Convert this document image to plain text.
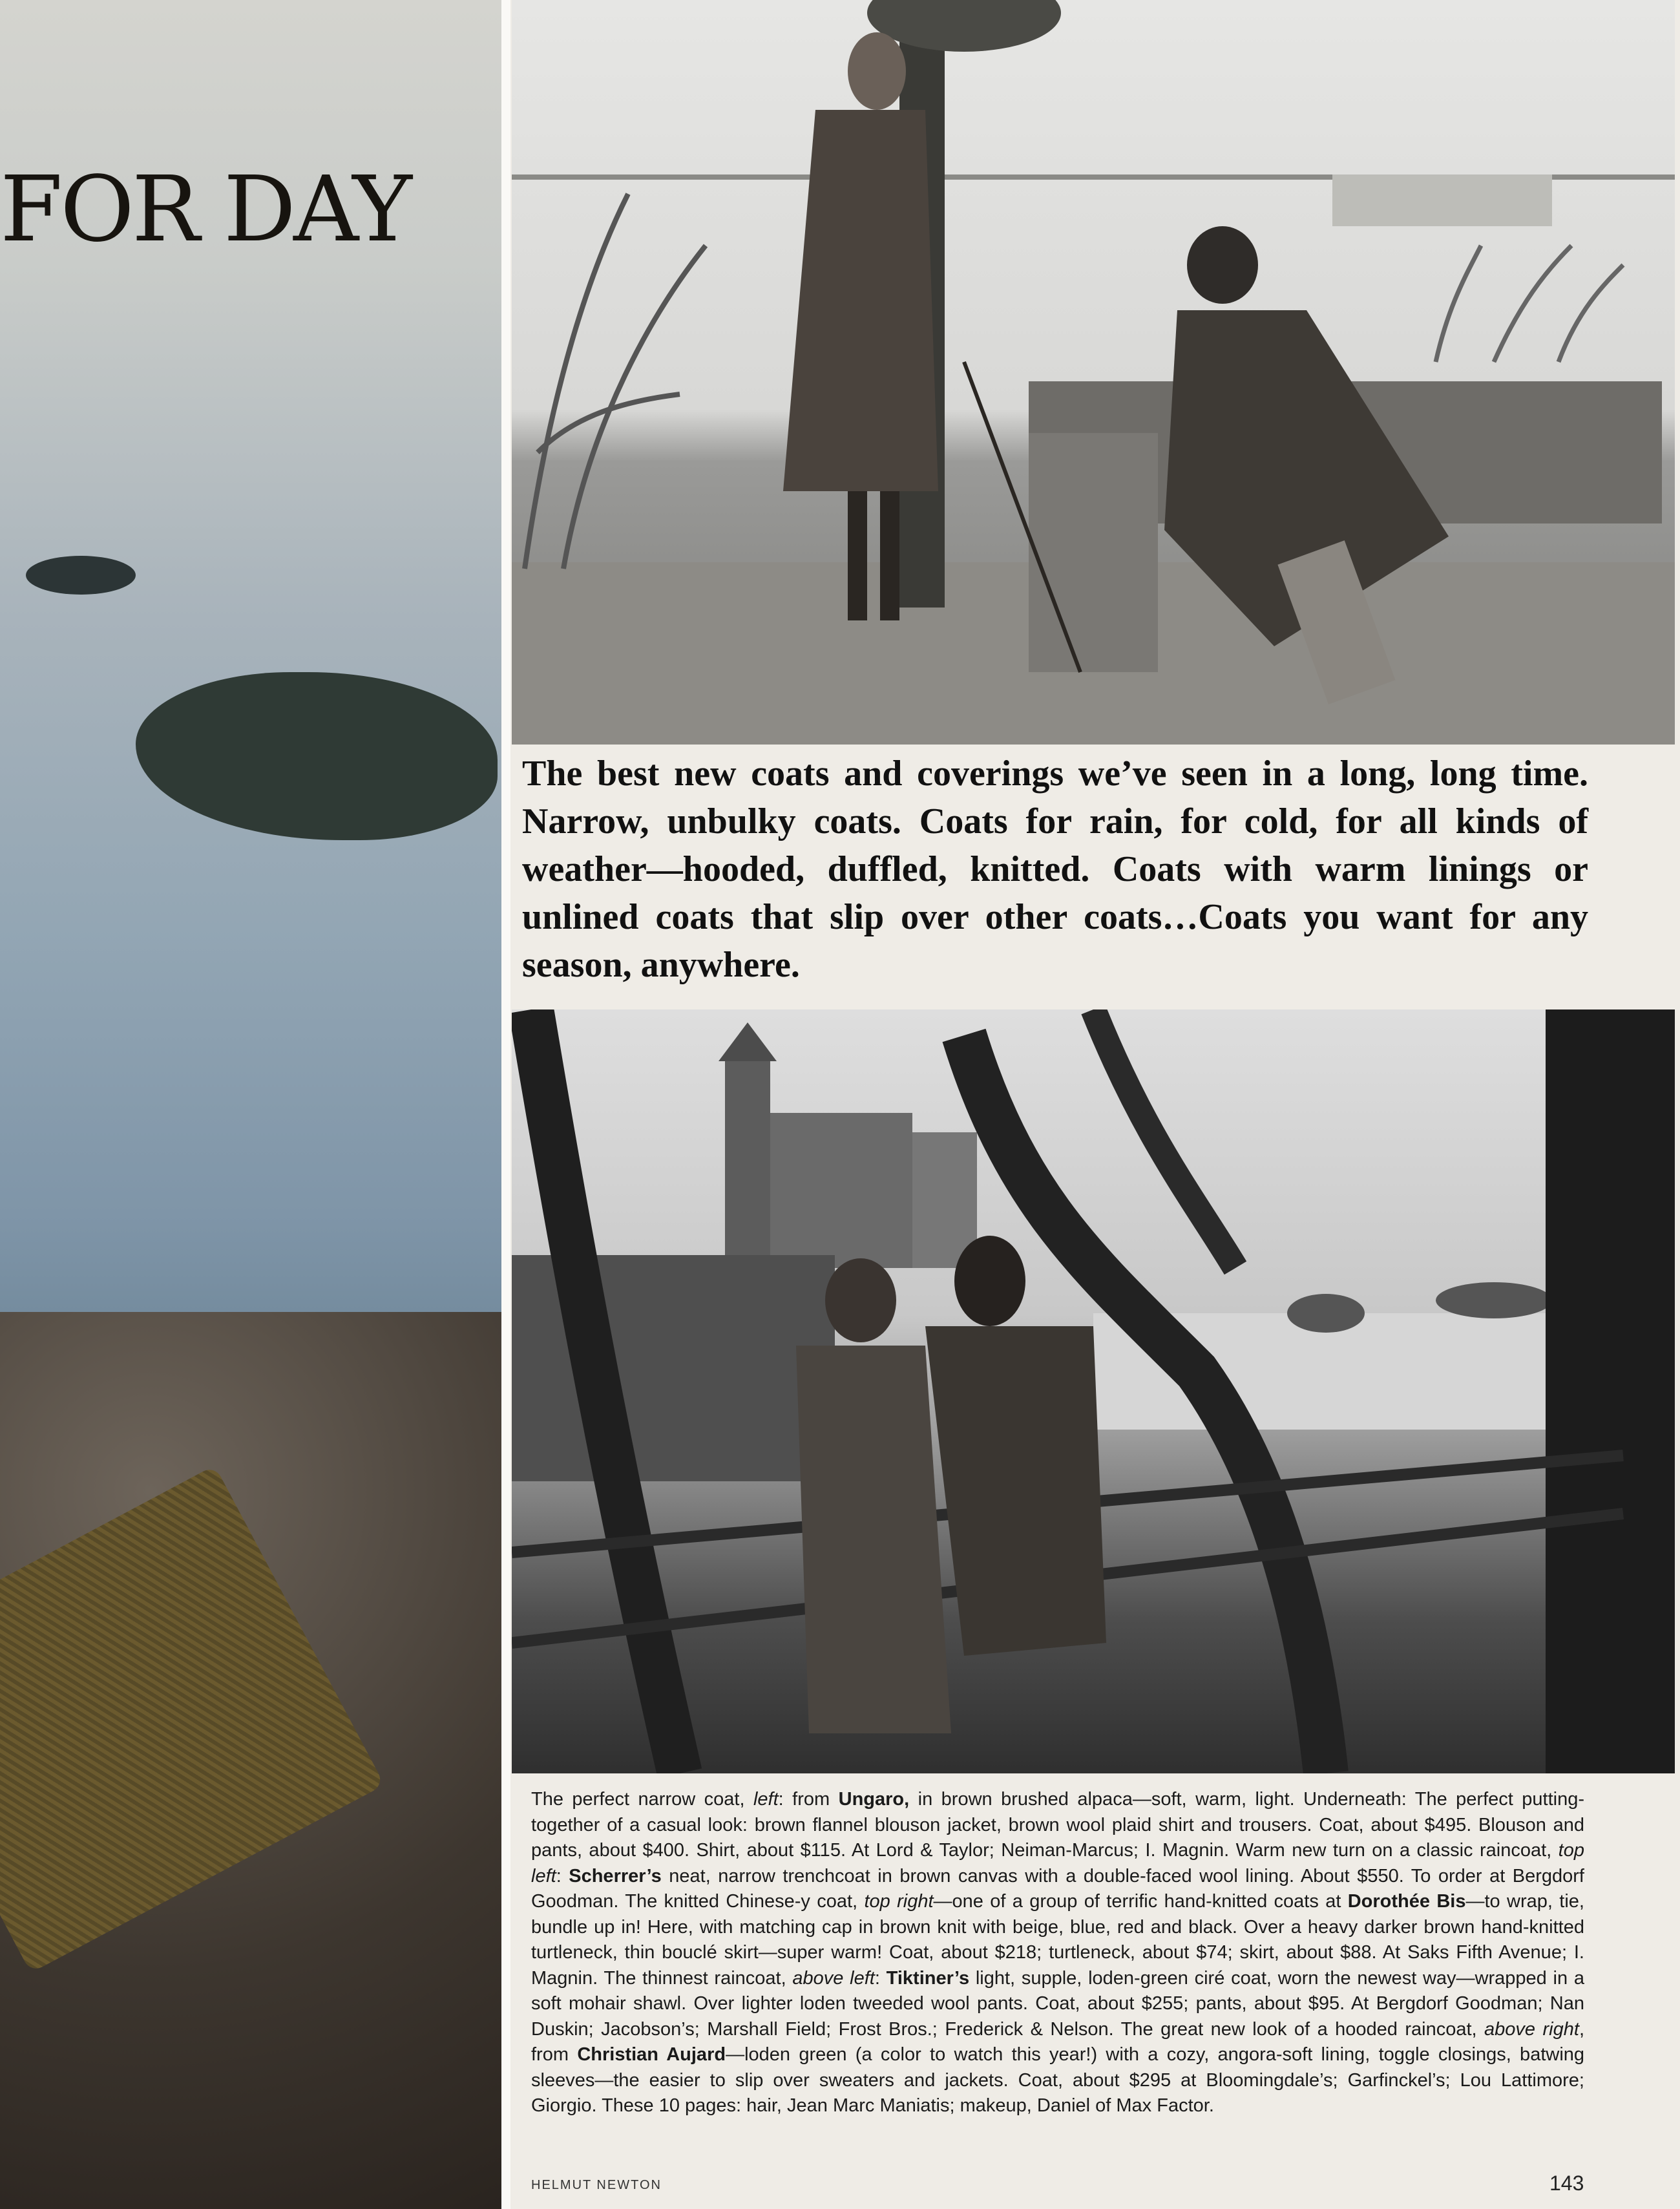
FOR DAY

The best new coats and coverings we’ve seen in a long, long time. Narrow, unbulky coats. Coats for rain, for cold, for all kinds of weather—hooded, duffled, knitted. Coats with warm linings or unlined coats that slip over other coats…Coats you want for any season, anywhere.

The perfect narrow coat, left: from Ungaro, in brown brushed alpaca—soft, warm, light. Underneath: The perfect putting-together of a casual look: brown flannel blouson jacket, brown wool plaid shirt and trousers. Coat, about $495. Blouson and pants, about $400. Shirt, about $115. At Lord & Taylor; Neiman-Marcus; I. Magnin. Warm new turn on a classic raincoat, top left: Scherrer’s neat, narrow trenchcoat in brown canvas with a double-faced wool lining. About $550. To order at Bergdorf Goodman. The knitted Chinese-y coat, top right—one of a group of terrific hand-knitted coats at Dorothée Bis—to wrap, tie, bundle up in! Here, with matching cap in brown knit with beige, blue, red and black. Over a heavy darker brown hand-knitted turtleneck, thin bouclé skirt—super warm! Coat, about $218; turtleneck, about $74; skirt, about $88. At Saks Fifth Avenue; I. Magnin. The thinnest raincoat, above left: Tiktiner’s light, supple, loden-green ciré coat, worn the newest way—wrapped in a soft mohair shawl. Over lighter loden tweeded wool pants. Coat, about $255; pants, about $95. At Bergdorf Goodman; Nan Duskin; Jacobson’s; Marshall Field; Frost Bros.; Frederick & Nelson. The great new look of a hooded raincoat, above right, from Christian Aujard—loden green (a color to watch this year!) with a cozy, angora-soft lining, toggle closings, batwing sleeves—the easier to slip over sweaters and jackets. Coat, about $295 at Bloomingdale’s; Garfinckel’s; Lou Lattimore; Giorgio. These 10 pages: hair, Jean Marc Maniatis; makeup, Daniel of Max Factor.

HELMUT NEWTON	143
